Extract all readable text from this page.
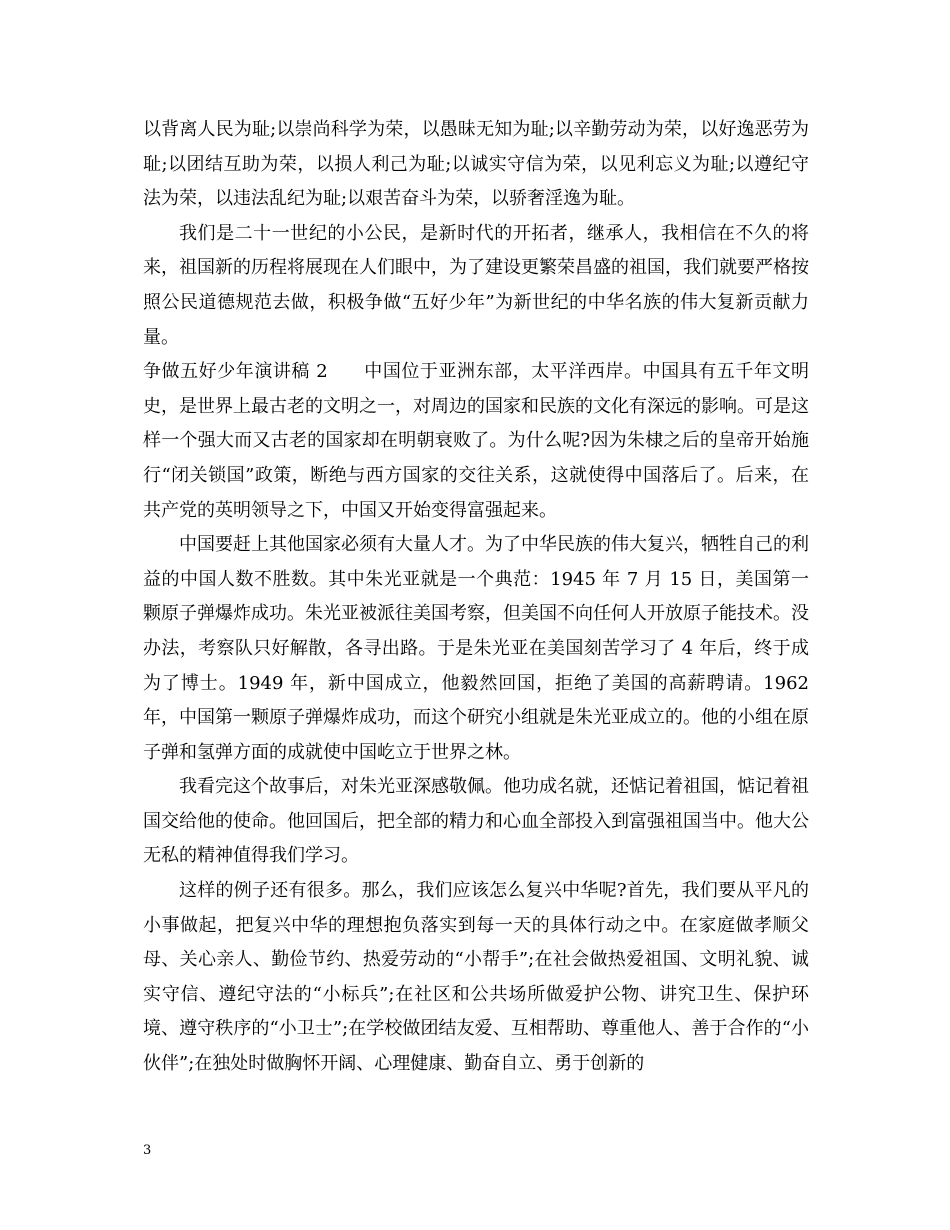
以背离人民为耻;以崇尚科学为荣，以愚昧无知为耻;以辛勤劳动为荣，以好逸恶劳为耻;以团结互助为荣，以损人利己为耻;以诚实守信为荣，以见利忘义为耻;以遵纪守法为荣，以违法乱纪为耻;以艰苦奋斗为荣，以骄奢淫逸为耻。

我们是二十一世纪的小公民，是新时代的开拓者，继承人，我相信在不久的将来，祖国新的历程将展现在人们眼中，为了建设更繁荣昌盛的祖国，我们就要严格按照公民道德规范去做，积极争做“五好少年”为新世纪的中华名族的伟大复新贡献力量。

争做五好少年演讲稿 2 中国位于亚洲东部，太平洋西岸。中国具有五千年文明史，是世界上最古老的文明之一，对周边的国家和民族的文化有深远的影响。可是这样一个强大而又古老的国家却在明朝衰败了。为什么呢?因为朱棣之后的皇帝开始施行“闭关锁国”政策，断绝与西方国家的交往关系，这就使得中国落后了。后来，在共产党的英明领导之下，中国又开始变得富强起来。

中国要赶上其他国家必须有大量人才。为了中华民族的伟大复兴，牺牲自己的利益的中国人数不胜数。其中朱光亚就是一个典范：1945 年 7 月 15 日，美国第一颗原子弹爆炸成功。朱光亚被派往美国考察，但美国不向任何人开放原子能技术。没办法，考察队只好解散，各寻出路。于是朱光亚在美国刻苦学习了 4 年后，终于成为了博士。1949 年，新中国成立，他毅然回国，拒绝了美国的高薪聘请。1962 年，中国第一颗原子弹爆炸成功，而这个研究小组就是朱光亚成立的。他的小组在原子弹和氢弹方面的成就使中国屹立于世界之林。

我看完这个故事后，对朱光亚深感敬佩。他功成名就，还惦记着祖国，惦记着祖国交给他的使命。他回国后，把全部的精力和心血全部投入到富强祖国当中。他大公无私的精神值得我们学习。

这样的例子还有很多。那么，我们应该怎么复兴中华呢?首先，我们要从平凡的小事做起，把复兴中华的理想抱负落实到每一天的具体行动之中。在家庭做孝顺父母、关心亲人、勤俭节约、热爱劳动的“小帮手”;在社会做热爱祖国、文明礼貌、诚实守信、遵纪守法的“小标兵”;在社区和公共场所做爱护公物、讲究卫生、保护环境、遵守秩序的“小卫士”;在学校做团结友爱、互相帮助、尊重他人、善于合作的“小伙伴”;在独处时做胸怀开阔、心理健康、勤奋自立、勇于创新的

3
